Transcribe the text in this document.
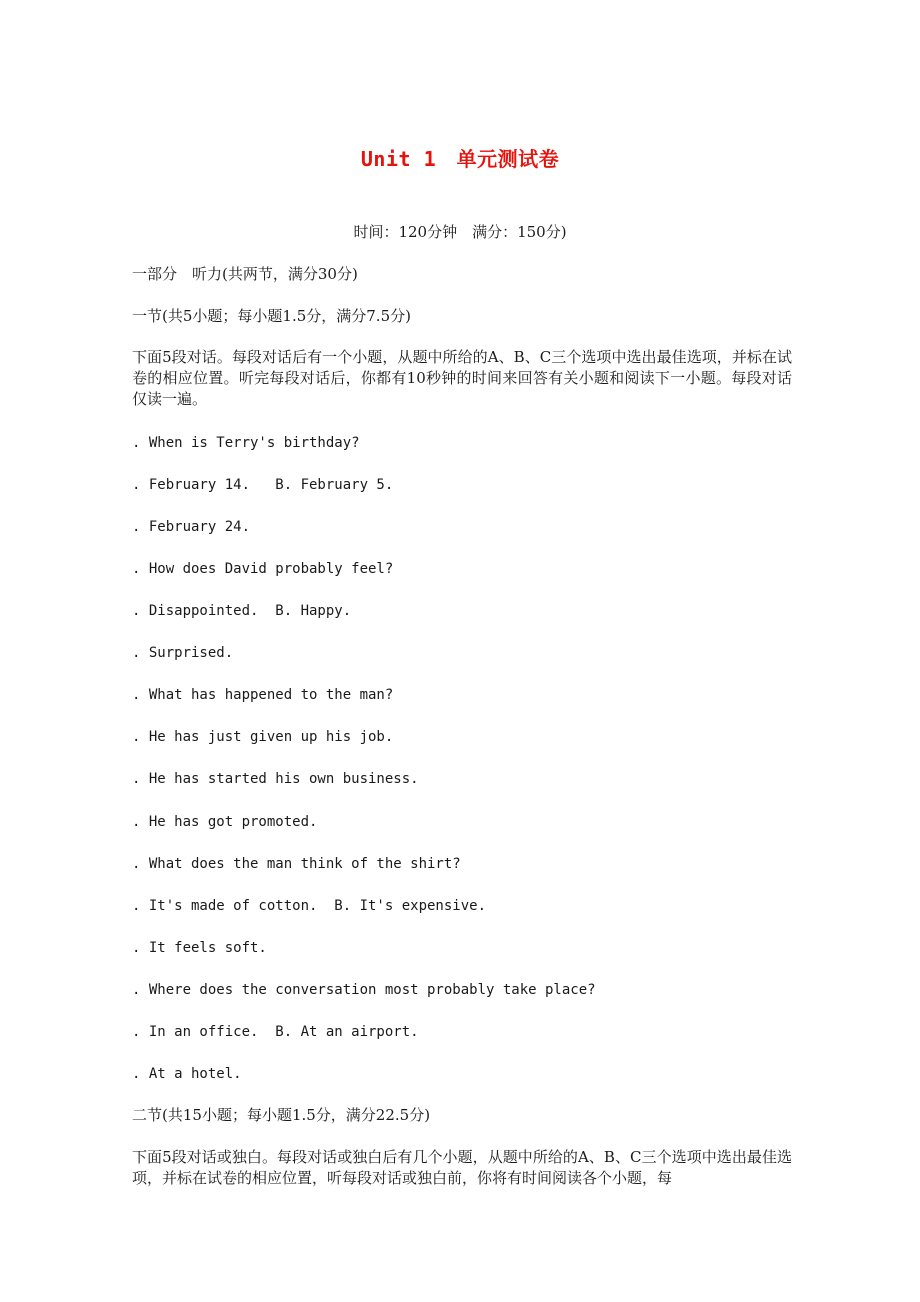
Unit 1　单元测试卷
时间：120分钟　满分：150分)
一部分　听力(共两节，满分30分)
一节(共5小题；每小题1.5分，满分7.5分)
下面5段对话。每段对话后有一个小题，从题中所给的A、B、C三个选项中选出最佳选项，并标在试卷的相应位置。听完每段对话后，你都有10秒钟的时间来回答有关小题和阅读下一小题。每段对话仅读一遍。
. When is Terry's birthday?
. February 14.   B. February 5.
. February 24.
. How does David probably feel?
. Disappointed.  B. Happy.
. Surprised.
. What has happened to the man?
. He has just given up his job.
. He has started his own business.
. He has got promoted.
. What does the man think of the shirt?
. It's made of cotton.  B. It's expensive.
. It feels soft.
. Where does the conversation most probably take place?
. In an office.  B. At an airport.
. At a hotel.
二节(共15小题；每小题1.5分，满分22.5分)
下面5段对话或独白。每段对话或独白后有几个小题，从题中所给的A、B、C三个选项中选出最佳选项，并标在试卷的相应位置，听每段对话或独白前，你将有时间阅读各个小题，每
